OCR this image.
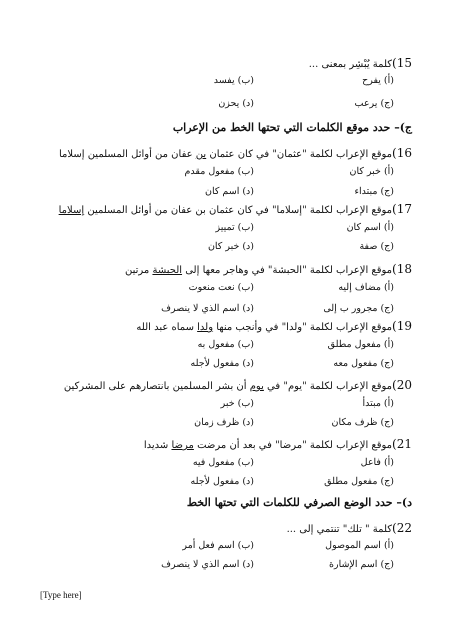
15)كلمة يُبْشِر بمعنى ...
(أ) يفرح
(ب) يفسد
(ج) يرعب
(د) يحزن
ج)– حدد موقع الكلمات التي تحتها الخط من الإعراب
16)موقع الإعراب لكلمة "عثمان" في كان عثمان بن عفان من أوائل المسلمين إسلاما
(أ) خبر كان
(ب) مفعول مقدم
(ج) مبتداء
(د) اسم كان
17)موقع الإعراب لكلمة "إسلاما" في كان عثمان بن عفان من أوائل المسلمين إسلاما
(أ) اسم كان
(ب) تمييز
(ج) صفة
(د) خبر كان
18)موقع الإعراب لكلمة "الحبشة" في وهاجر معها إلى الحبشة مرتين
(أ) مضاف إليه
(ب) نعت منعوت
(ج) مجرور ب إلى
(د) اسم الذي لا ينصرف
19)موقع الإعراب لكلمة "ولدا" في وأنجب منها ولدا سماه عبد الله
(أ) مفعول مطلق
(ب) مفعول به
(ج) مفعول معه
(د) مفعول لأجله
20)موقع الإعراب لكلمة "يوم" في يوم أن بشر المسلمين بانتصارهم على المشركين
(أ) مبتدأ
(ب) خبر
(ج) ظرف مكان
(د) ظرف زمان
21)موقع الإعراب لكلمة "مرضا" في بعد أن مرضت مرضا شديدا
(أ) فاعل
(ب) مفعول فيه
(ج) مفعول مطلق
(د) مفعول لأجله
د)– حدد الوضع الصرفي للكلمات التي تحتها الخط
22)كلمة " تلك" تنتمي إلى ...
(أ) اسم الموصول
(ب) اسم فعل أمر
(ج) اسم الإشارة
(د) اسم الذي لا ينصرف
[Type here]
